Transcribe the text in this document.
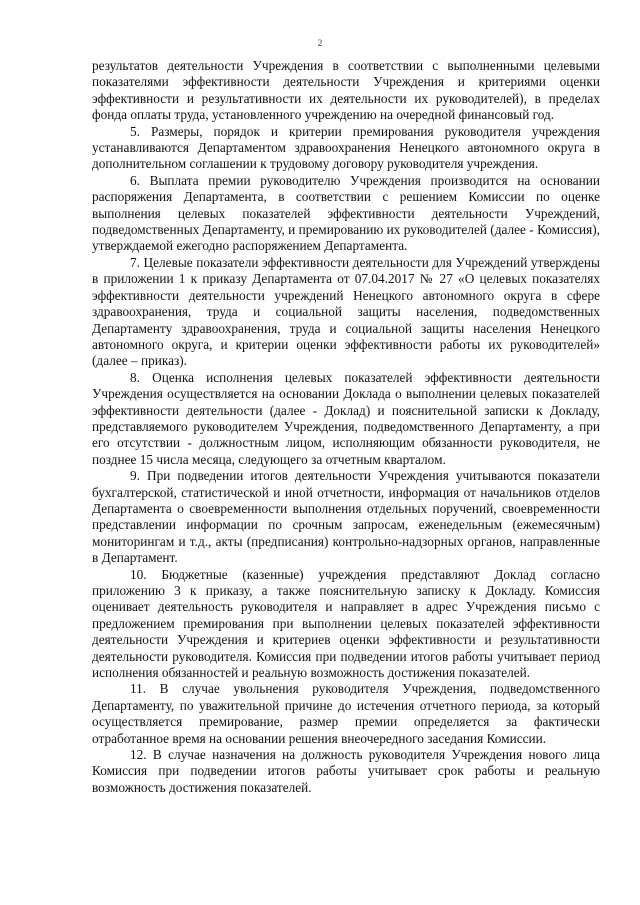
2

результатов деятельности Учреждения в соответствии с выполненными целевыми показателями эффективности деятельности Учреждения и критериями оценки эффективности и результативности их деятельности их руководителей), в пределах фонда оплаты труда, установленного учреждению на очередной финансовый год.

5. Размеры, порядок и критерии премирования руководителя учреждения устанавливаются Департаментом здравоохранения Ненецкого автономного округа в дополнительном соглашении к трудовому договору руководителя учреждения.

6. Выплата премии руководителю Учреждения производится на основании распоряжения Департамента, в соответствии с решением Комиссии по оценке выполнения целевых показателей эффективности деятельности Учреждений, подведомственных Департаменту, и премированию их руководителей (далее - Комиссия), утверждаемой ежегодно распоряжением Департамента.

7. Целевые показатели эффективности деятельности для Учреждений утверждены в приложении 1 к приказу Департамента от 07.04.2017 № 27 «О целевых показателях эффективности деятельности учреждений Ненецкого автономного округа в сфере здравоохранения, труда и социальной защиты населения, подведомственных Департаменту здравоохранения, труда и социальной защиты населения Ненецкого автономного округа, и критерии оценки эффективности работы их руководителей» (далее – приказ).

8. Оценка исполнения целевых показателей эффективности деятельности Учреждения осуществляется на основании Доклада о выполнении целевых показателей эффективности деятельности (далее - Доклад) и пояснительной записки к Докладу, представляемого руководителем Учреждения, подведомственного Департаменту, а при его отсутствии - должностным лицом, исполняющим обязанности руководителя, не позднее 15 числа месяца, следующего за отчетным кварталом.

9. При подведении итогов деятельности Учреждения учитываются показатели бухгалтерской, статистической и иной отчетности, информация от начальников отделов Департамента о своевременности выполнения отдельных поручений, своевременности представлении информации по срочным запросам, еженедельным (ежемесячным) мониторингам и т.д., акты (предписания) контрольно-надзорных органов, направленные в Департамент.

10. Бюджетные (казенные) учреждения представляют Доклад согласно приложению 3 к приказу, а также пояснительную записку к Докладу. Комиссия оценивает деятельность руководителя и направляет в адрес Учреждения письмо с предложением премирования при выполнении целевых показателей эффективности деятельности Учреждения и критериев оценки эффективности и результативности деятельности руководителя. Комиссия при подведении итогов работы учитывает период исполнения обязанностей и реальную возможность достижения показателей.

11. В случае увольнения руководителя Учреждения, подведомственного Департаменту, по уважительной причине до истечения отчетного периода, за который осуществляется премирование, размер премии определяется за фактически отработанное время на основании решения внеочередного заседания Комиссии.

12. В случае назначения на должность руководителя Учреждения нового лица Комиссия при подведении итогов работы учитывает срок работы и реальную возможность достижения показателей.
